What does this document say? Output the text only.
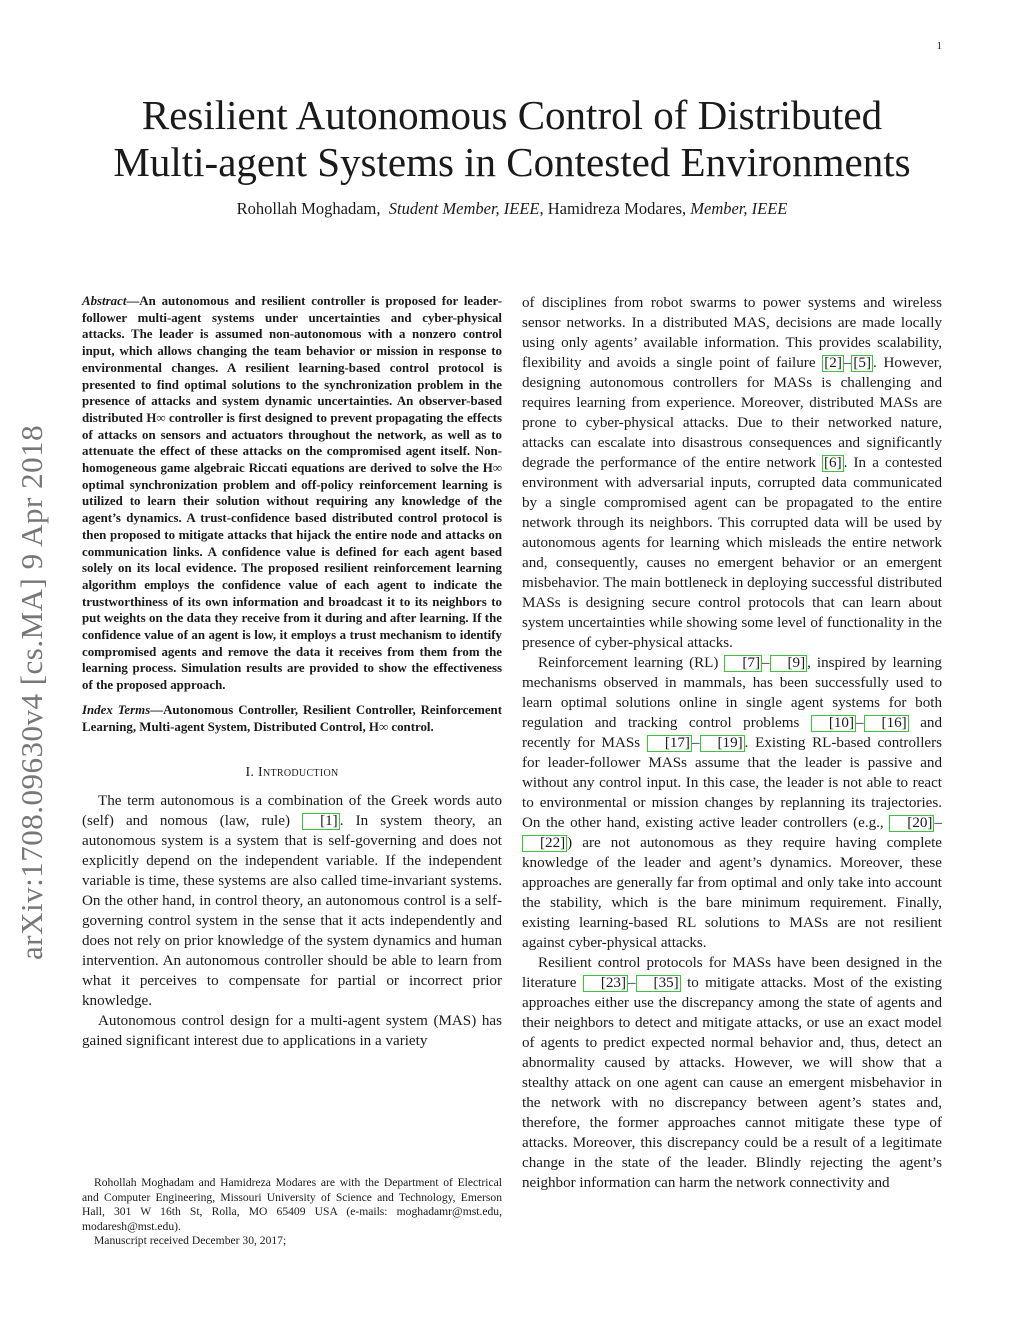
1
arXiv:1708.09630v4 [cs.MA] 9 Apr 2018
Resilient Autonomous Control of Distributed
Multi-agent Systems in Contested Environments
Rohollah Moghadam, Student Member, IEEE, Hamidreza Modares, Member, IEEE

Abstract—An autonomous and resilient controller is proposed for leader-follower multi-agent systems under uncertainties and cyber-physical attacks. The leader is assumed non-autonomous with a nonzero control input, which allows changing the team behavior or mission in response to environmental changes. A resilient learning-based control protocol is presented to find optimal solutions to the synchronization problem in the presence of attacks and system dynamic uncertainties. An observer-based distributed H∞ controller is first designed to prevent propagating the effects of attacks on sensors and actuators throughout the network, as well as to attenuate the effect of these attacks on the compromised agent itself. Non-homogeneous game algebraic Riccati equations are derived to solve the H∞ optimal synchronization problem and off-policy reinforcement learning is utilized to learn their solution without requiring any knowledge of the agent’s dynamics. A trust-confidence based distributed control protocol is then proposed to mitigate attacks that hijack the entire node and attacks on communication links. A confidence value is defined for each agent based solely on its local evidence. The proposed resilient reinforcement learning algorithm employs the confidence value of each agent to indicate the trustworthiness of its own information and broadcast it to its neighbors to put weights on the data they receive from it during and after learning. If the confidence value of an agent is low, it employs a trust mechanism to identify compromised agents and remove the data it receives from them from the learning process. Simulation results are provided to show the effectiveness of the proposed approach.

Index Terms—Autonomous Controller, Resilient Controller, Reinforcement Learning, Multi-agent System, Distributed Control, H∞ control.

I. Introduction

The term autonomous is a combination of the Greek words auto (self) and nomous (law, rule) [1] . In system theory, an autonomous system is a system that is self-governing and does not explicitly depend on the independent variable. If the independent variable is time, these systems are also called time-invariant systems. On the other hand, in control theory, an autonomous control is a self-governing control system in the sense that it acts independently and does not rely on prior knowledge of the system dynamics and human intervention. An autonomous controller should be able to learn from what it perceives to compensate for partial or incorrect prior knowledge.

Autonomous control design for a multi-agent system (MAS) has gained significant interest due to applications in a variety

Rohollah Moghadam and Hamidreza Modares are with the Department of Electrical and Computer Engineering, Missouri University of Science and Technology, Emerson Hall, 301 W 16th St, Rolla, MO 65409 USA (e-mails: moghadamr@mst.edu, modaresh@mst.edu).

Manuscript received December 30, 2017;

of disciplines from robot swarms to power systems and wireless sensor networks. In a distributed MAS, decisions are made locally using only agents’ available information. This provides scalability, flexibility and avoids a single point of failure [2] – [5] . However, designing autonomous controllers for MASs is challenging and requires learning from experience. Moreover, distributed MASs are prone to cyber-physical attacks. Due to their networked nature, attacks can escalate into disastrous consequences and significantly degrade the performance of the entire network [6] . In a contested environment with adversarial inputs, corrupted data communicated by a single compromised agent can be propagated to the entire network through its neighbors. This corrupted data will be used by autonomous agents for learning which misleads the entire network and, consequently, causes no emergent behavior or an emergent misbehavior. The main bottleneck in deploying successful distributed MASs is designing secure control protocols that can learn about system uncertainties while showing some level of functionality in the presence of cyber-physical attacks.

Reinforcement learning (RL) [7] – [9] , inspired by learning mechanisms observed in mammals, has been successfully used to learn optimal solutions online in single agent systems for both regulation and tracking control problems [10] – [16] and recently for MASs [17] – [19] . Existing RL-based controllers for leader-follower MASs assume that the leader is passive and without any control input. In this case, the leader is not able to react to environmental or mission changes by replanning its trajectories. On the other hand, existing active leader controllers (e.g., [20] –[22] ) are not autonomous as they require having complete knowledge of the leader and agent’s dynamics. Moreover, these approaches are generally far from optimal and only take into account the stability, which is the bare minimum requirement. Finally, existing learning-based RL solutions to MASs are not resilient against cyber-physical attacks.

Resilient control protocols for MASs have been designed in the literature [23] – [35] to mitigate attacks. Most of the existing approaches either use the discrepancy among the state of agents and their neighbors to detect and mitigate attacks, or use an exact model of agents to predict expected normal behavior and, thus, detect an abnormality caused by attacks. However, we will show that a stealthy attack on one agent can cause an emergent misbehavior in the network with no discrepancy between agent’s states and, therefore, the former approaches cannot mitigate these type of attacks. Moreover, this discrepancy could be a result of a legitimate change in the state of the leader. Blindly rejecting the agent’s neighbor information can harm the network connectivity and
